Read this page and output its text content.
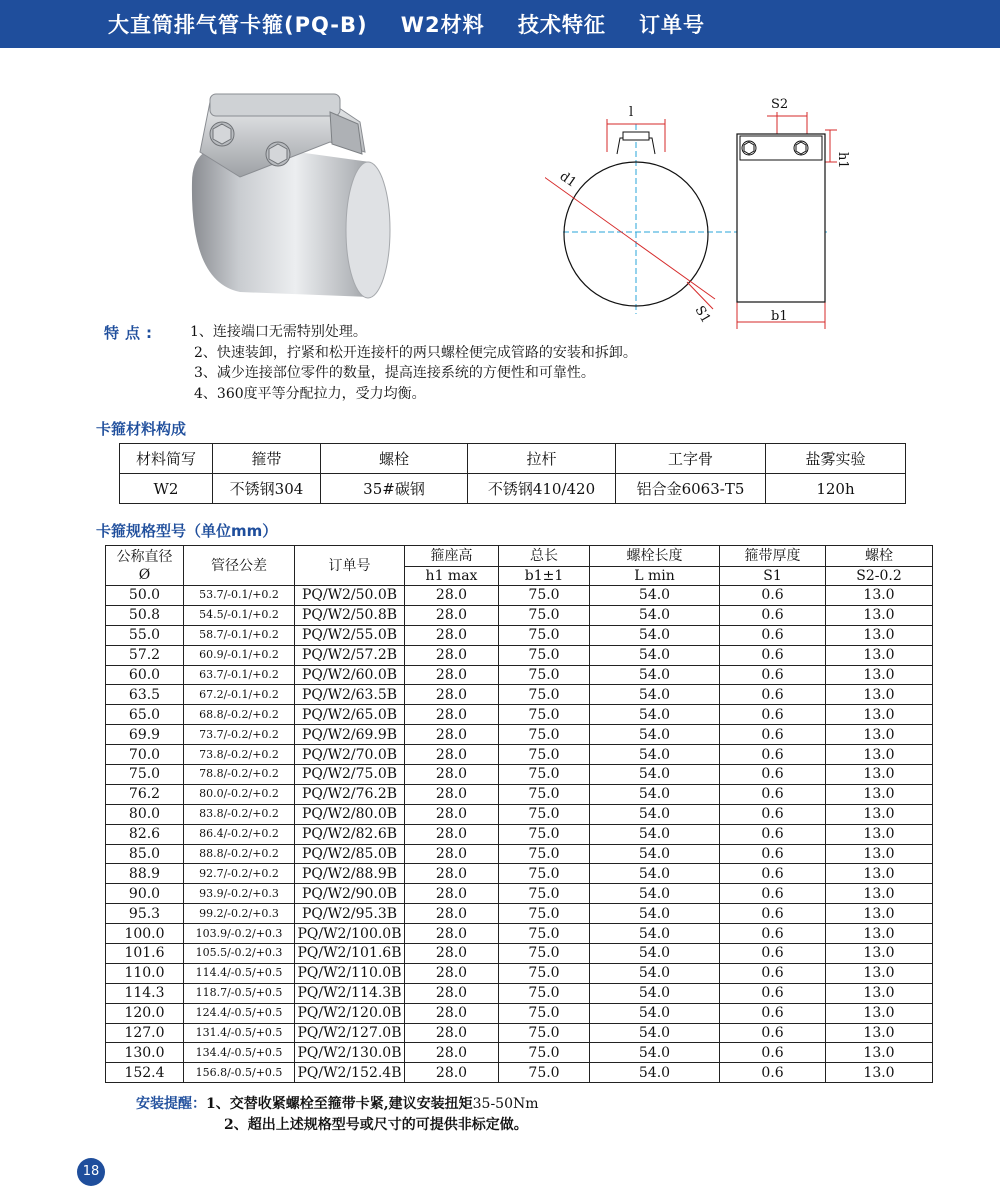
大直筒排气管卡箍(PQ-B)    W2材料    技术特征    订单号
l
S2
h1
d1
S1	b1
特点: 1、连接端口无需特别处理。
2、快速装卸，拧紧和松开连接杆的两只螺栓便完成管路的安装和拆卸。
3、减少连接部位零件的数量，提高连接系统的方便性和可靠性。
4、360度平等分配拉力，受力均衡。
卡箍材料构成
材料简写	箍带	螺栓	拉杆	工字骨	盐雾实验
W2	不锈钢304	35#碳钢	不锈钢410/420	铝合金6063-T5	120h
卡箍规格型号（单位mm）
公称直径
Ø	管径公差	订单号	箍座高	总长	螺栓长度	箍带厚度	螺栓
			h1 max	b1±1	L min	S1	S2-0.2
50.0	53.7/-0.1/+0.2	PQ/W2/50.0B	28.0	75.0	54.0	0.6	13.0
50.8	54.5/-0.1/+0.2	PQ/W2/50.8B	28.0	75.0	54.0	0.6	13.0
55.0	58.7/-0.1/+0.2	PQ/W2/55.0B	28.0	75.0	54.0	0.6	13.0
57.2	60.9/-0.1/+0.2	PQ/W2/57.2B	28.0	75.0	54.0	0.6	13.0
60.0	63.7/-0.1/+0.2	PQ/W2/60.0B	28.0	75.0	54.0	0.6	13.0
63.5	67.2/-0.1/+0.2	PQ/W2/63.5B	28.0	75.0	54.0	0.6	13.0
65.0	68.8/-0.2/+0.2	PQ/W2/65.0B	28.0	75.0	54.0	0.6	13.0
69.9	73.7/-0.2/+0.2	PQ/W2/69.9B	28.0	75.0	54.0	0.6	13.0
70.0	73.8/-0.2/+0.2	PQ/W2/70.0B	28.0	75.0	54.0	0.6	13.0
75.0	78.8/-0.2/+0.2	PQ/W2/75.0B	28.0	75.0	54.0	0.6	13.0
76.2	80.0/-0.2/+0.2	PQ/W2/76.2B	28.0	75.0	54.0	0.6	13.0
80.0	83.8/-0.2/+0.2	PQ/W2/80.0B	28.0	75.0	54.0	0.6	13.0
82.6	86.4/-0.2/+0.2	PQ/W2/82.6B	28.0	75.0	54.0	0.6	13.0
85.0	88.8/-0.2/+0.2	PQ/W2/85.0B	28.0	75.0	54.0	0.6	13.0
88.9	92.7/-0.2/+0.2	PQ/W2/88.9B	28.0	75.0	54.0	0.6	13.0
90.0	93.9/-0.2/+0.3	PQ/W2/90.0B	28.0	75.0	54.0	0.6	13.0
95.3	99.2/-0.2/+0.3	PQ/W2/95.3B	28.0	75.0	54.0	0.6	13.0
100.0	103.9/-0.2/+0.3	PQ/W2/100.0B	28.0	75.0	54.0	0.6	13.0
101.6	105.5/-0.2/+0.3	PQ/W2/101.6B	28.0	75.0	54.0	0.6	13.0
110.0	114.4/-0.5/+0.5	PQ/W2/110.0B	28.0	75.0	54.0	0.6	13.0
114.3	118.7/-0.5/+0.5	PQ/W2/114.3B	28.0	75.0	54.0	0.6	13.0
120.0	124.4/-0.5/+0.5	PQ/W2/120.0B	28.0	75.0	54.0	0.6	13.0
127.0	131.4/-0.5/+0.5	PQ/W2/127.0B	28.0	75.0	54.0	0.6	13.0
130.0	134.4/-0.5/+0.5	PQ/W2/130.0B	28.0	75.0	54.0	0.6	13.0
152.4	156.8/-0.5/+0.5	PQ/W2/152.4B	28.0	75.0	54.0	0.6	13.0
安装提醒：1、交替收紧螺栓至箍带卡紧,建议安装扭矩35-50Nm
2、超出上述规格型号或尺寸的可提供非标定做。
18
